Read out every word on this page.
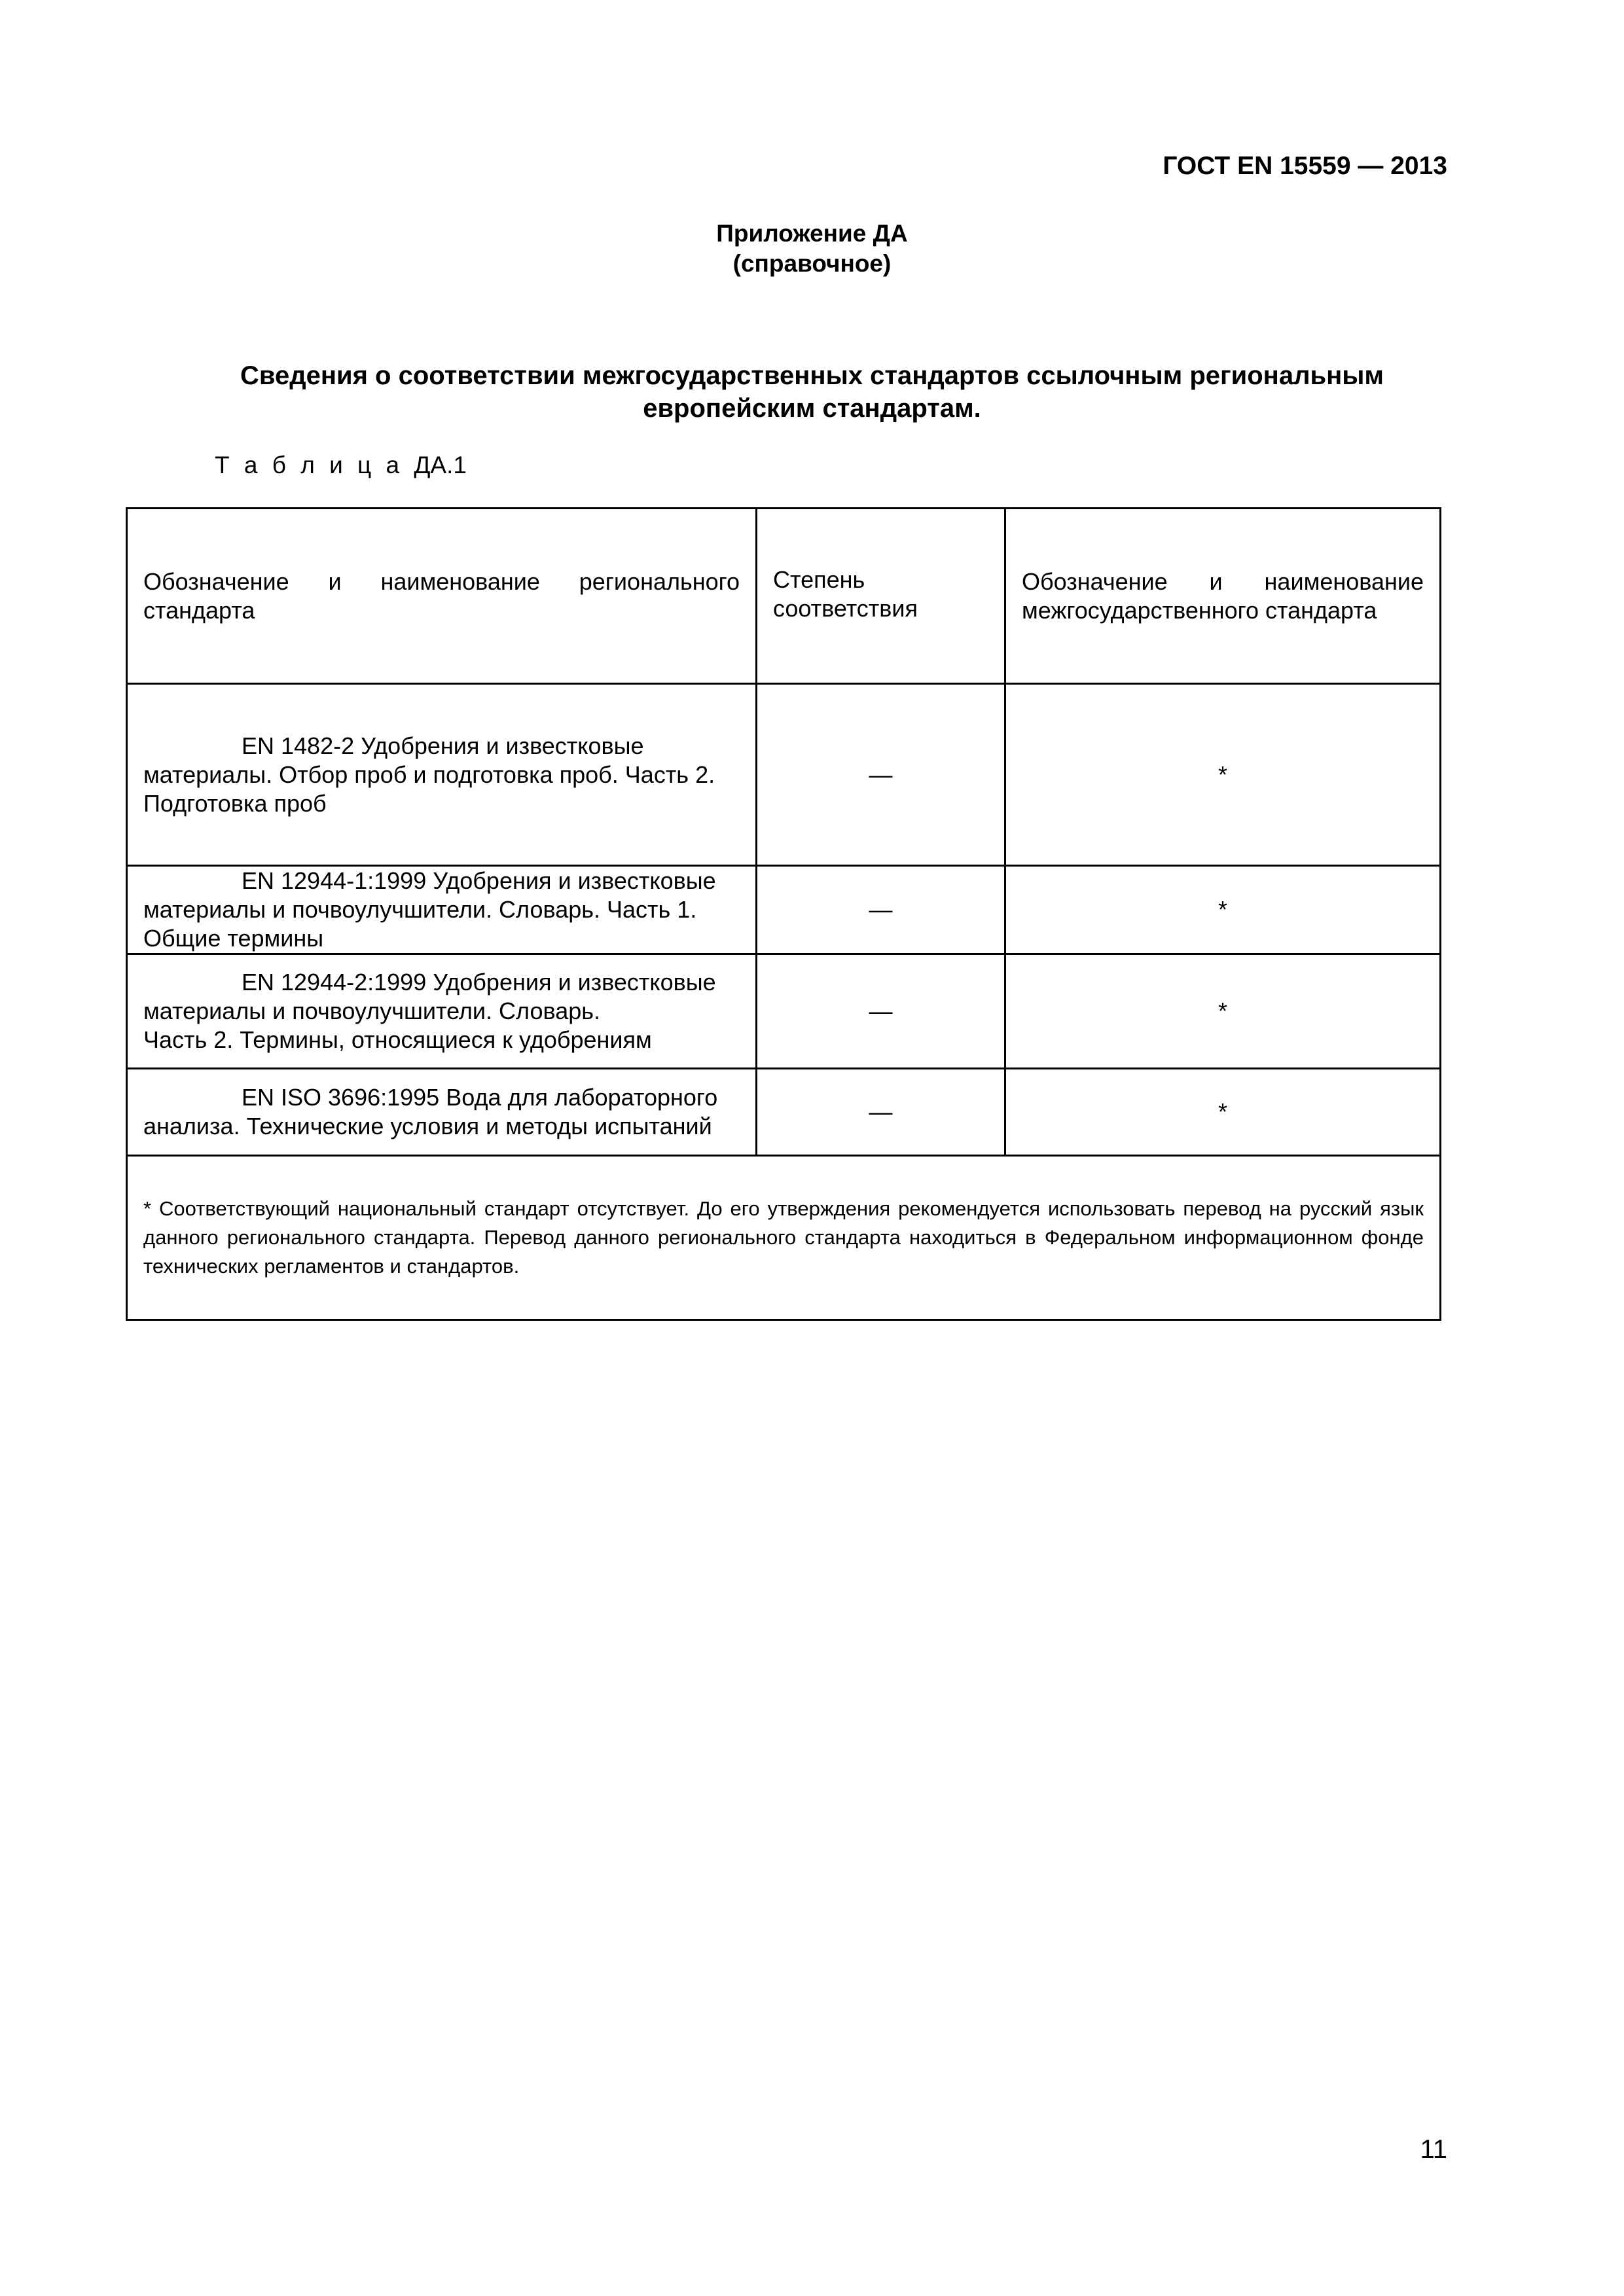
ГОСТ EN 15559 — 2013
Приложение ДА
(справочное)
Сведения о соответствии межгосударственных стандартов ссылочным региональным
европейским стандартам.
Т а б л и ц а ДА.1
Обозначение и наименование регионального стандарта	Степень соответствия	Обозначение и наименование межгосударственного стандарта

EN 1482-2 Удобрения и известковые материалы. Отбор проб и подготовка проб. Часть 2. Подготовка проб	—	*

EN 12944-1:1999 Удобрения и известковые материалы и почвоулучшители. Словарь. Часть 1. Общие термины	—	*

EN 12944-2:1999 Удобрения и известковые материалы и почвоулучшители. Словарь.
Часть 2. Термины, относящиеся к удобрениям	—	*

EN ISO 3696:1995 Вода для лабораторного анализа. Технические условия и методы испытаний	—	*

* Соответствующий национальный стандарт отсутствует. До его утверждения рекомендуется использовать перевод на русский язык данного регионального стандарта. Перевод данного регионального стандарта находиться в Федеральном информационном фонде технических регламентов и стандартов.		
11
